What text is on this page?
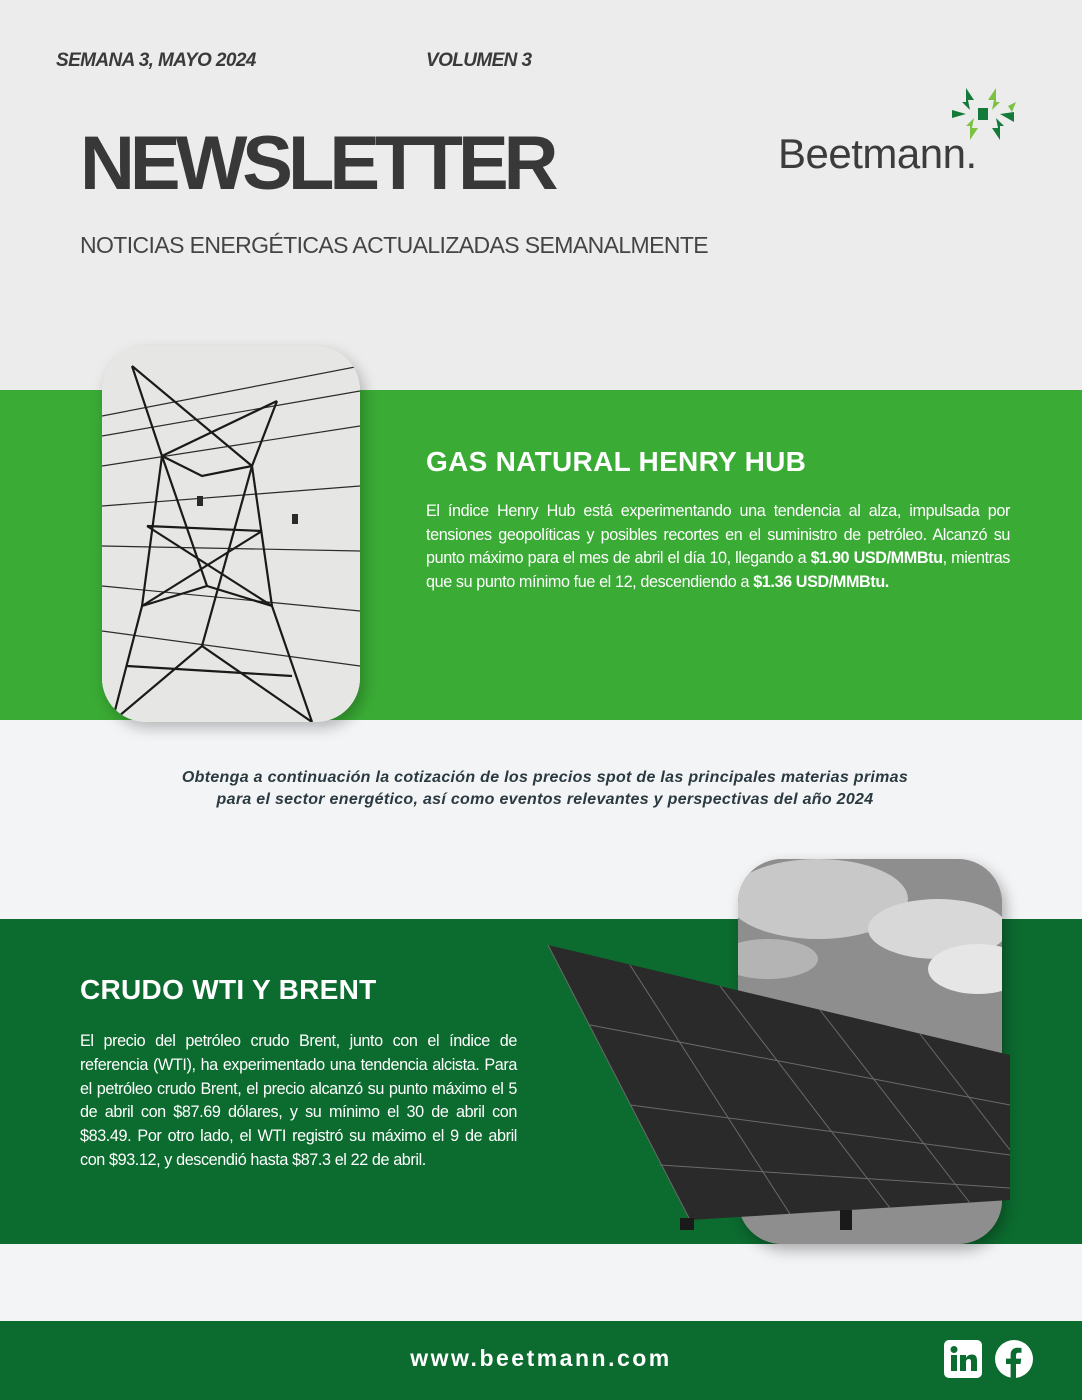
SEMANA 3, MAYO 2024	VOLUMEN 3
NEWSLETTER
NOTICIAS ENERGÉTICAS ACTUALIZADAS SEMANALMENTE
Beetmann.
GAS NATURAL HENRY HUB
El índice Henry Hub está experimentando una tendencia al alza, impulsada por tensiones geopolíticas y posibles recortes en el suministro de petróleo. Alcanzó su punto máximo para el mes de abril el día 10, llegando a $1.90 USD/MMBtu, mientras que su punto mínimo fue el 12, descendiendo a $1.36 USD/MMBtu.
Obtenga a continuación la cotización de los precios spot de las principales materias primas
para el sector energético, así como eventos relevantes y perspectivas del año 2024
CRUDO WTI Y BRENT
El precio del petróleo crudo Brent, junto con el índice de referencia (WTI), ha experimentado una tendencia alcista. Para el petróleo crudo Brent, el precio alcanzó su punto máximo el 5 de abril con $87.69 dólares, y su mínimo el 30 de abril con $83.49. Por otro lado, el WTI registró su máximo el 9 de abril con $93.12, y descendió hasta $87.3 el 22 de abril.
www.beetmann.com
